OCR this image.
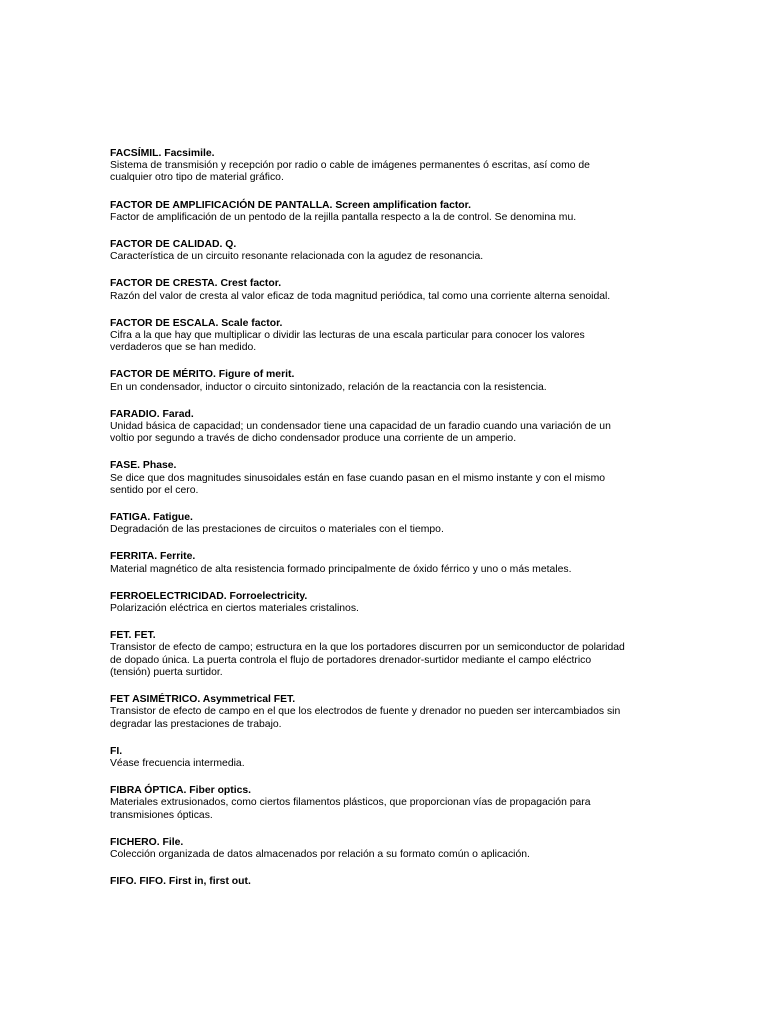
FACSÍMIL. Facsimile.
Sistema de transmisión y recepción por radio o cable de imágenes permanentes ó escritas, así como de cualquier otro tipo de material gráfico.
FACTOR DE AMPLIFICACIÓN DE PANTALLA. Screen amplification factor.
Factor de amplificación de un pentodo de la rejilla pantalla respecto a la de control. Se denomina mu.
FACTOR DE CALIDAD. Q.
Característica de un circuito resonante relacionada con la agudez de resonancia.
FACTOR DE CRESTA. Crest factor.
Razón del valor de cresta al valor eficaz de toda magnitud periódica, tal como una corriente alterna senoidal.
FACTOR DE ESCALA. Scale factor.
Cifra a la que hay que multiplicar o dividir las lecturas de una escala particular para conocer los valores verdaderos que se han medido.
FACTOR DE MÉRITO. Figure of merit.
En un condensador, inductor o circuito sintonizado, relación de la reactancia con la resistencia.
FARADIO. Farad.
Unidad básica de capacidad; un condensador tiene una capacidad de un faradio cuando una variación de un voltio por segundo a través de dicho condensador produce una corriente de un amperio.
FASE. Phase.
Se dice que dos magnitudes sinusoidales están en fase cuando pasan en el mismo instante y con el mismo sentido por el cero.
FATIGA. Fatigue.
Degradación de las prestaciones de circuitos o materiales con el tiempo.
FERRITA. Ferrite.
Material magnético de alta resistencia formado principalmente de óxido férrico y uno o más metales.
FERROELECTRICIDAD. Forroelectricity.
Polarización eléctrica en ciertos materiales cristalinos.
FET. FET.
Transistor de efecto de campo; estructura en la que los portadores discurren por un semiconductor de polaridad de dopado única. La puerta controla el flujo de portadores drenador-surtidor mediante el campo eléctrico (tensión) puerta surtidor.
FET ASIMÉTRICO. Asymmetrical FET.
Transistor de efecto de campo en el que los electrodos de fuente y drenador no pueden ser intercambiados sin degradar las prestaciones de trabajo.
FI.
Véase frecuencia intermedia.
FIBRA ÓPTICA. Fiber optics.
Materiales extrusionados, como ciertos filamentos plásticos, que proporcionan vías de propagación para transmisiones ópticas.
FICHERO. File.
Colección organizada de datos almacenados por relación a su formato común o aplicación.
FIFO. FIFO. First in, first out.
